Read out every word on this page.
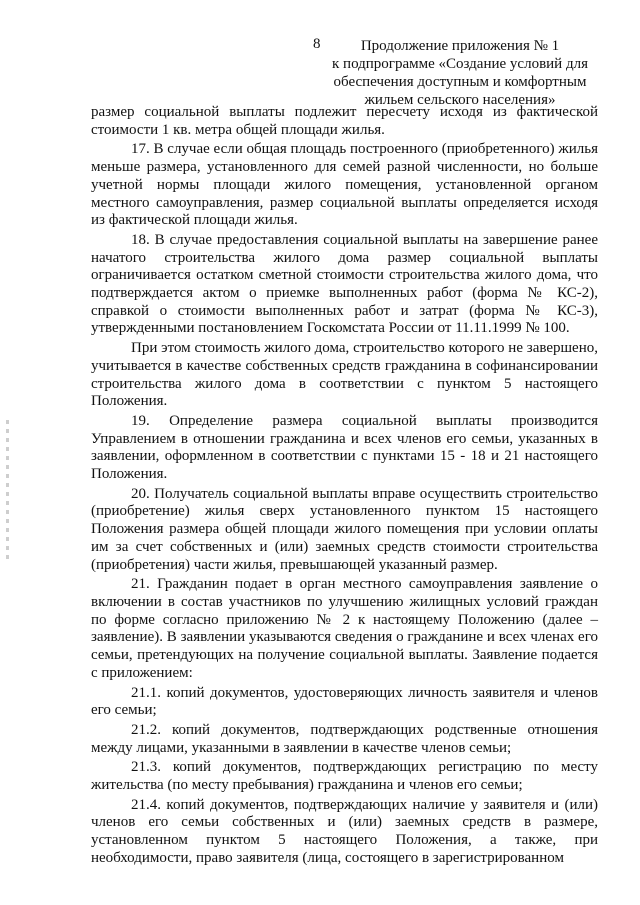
8	Продолжение приложения № 1
к подпрограмме «Создание условий для
обеспечения доступным и комфортным
жильем сельского населения»

размер социальной выплаты подлежит пересчету исходя из фактической стоимости 1 кв. метра общей площади жилья.

17. В случае если общая площадь построенного (приобретенного) жилья меньше размера, установленного для семей разной численности, но больше учетной нормы площади жилого помещения, установленной органом местного самоуправления, размер социальной выплаты определяется исходя из фактической площади жилья.

18. В случае предоставления социальной выплаты на завершение ранее начатого строительства жилого дома размер социальной выплаты ограничивается остатком сметной стоимости строительства жилого дома, что подтверждается актом о приемке выполненных работ (форма № КС-2), справкой о стоимости выполненных работ и затрат (форма № КС-3), утвержденными постановлением Госкомстата России от 11.11.1999 № 100.

При этом стоимость жилого дома, строительство которого не завершено, учитывается в качестве собственных средств гражданина в софинансировании строительства жилого дома в соответствии с пунктом 5 настоящего Положения.

19. Определение размера социальной выплаты производится Управлением в отношении гражданина и всех членов его семьи, указанных в заявлении, оформленном в соответствии с пунктами 15 - 18 и 21 настоящего Положения.

20. Получатель социальной выплаты вправе осуществить строительство (приобретение) жилья сверх установленного пунктом 15 настоящего Положения размера общей площади жилого помещения при условии оплаты им за счет собственных и (или) заемных средств стоимости строительства (приобретения) части жилья, превышающей указанный размер.

21. Гражданин подает в орган местного самоуправления заявление о включении в состав участников по улучшению жилищных условий граждан по форме согласно приложению № 2 к настоящему Положению (далее – заявление). В заявлении указываются сведения о гражданине и всех членах его семьи, претендующих на получение социальной выплаты. Заявление подается с приложением:

21.1. копий документов, удостоверяющих личность заявителя и членов его семьи;

21.2. копий документов, подтверждающих родственные отношения между лицами, указанными в заявлении в качестве членов семьи;

21.3. копий документов, подтверждающих регистрацию по месту жительства (по месту пребывания) гражданина и членов его семьи;

21.4. копий документов, подтверждающих наличие у заявителя и (или) членов его семьи собственных и (или) заемных средств в размере, установленном пунктом 5 настоящего Положения, а также, при необходимости, право заявителя (лица, состоящего в зарегистрированном
